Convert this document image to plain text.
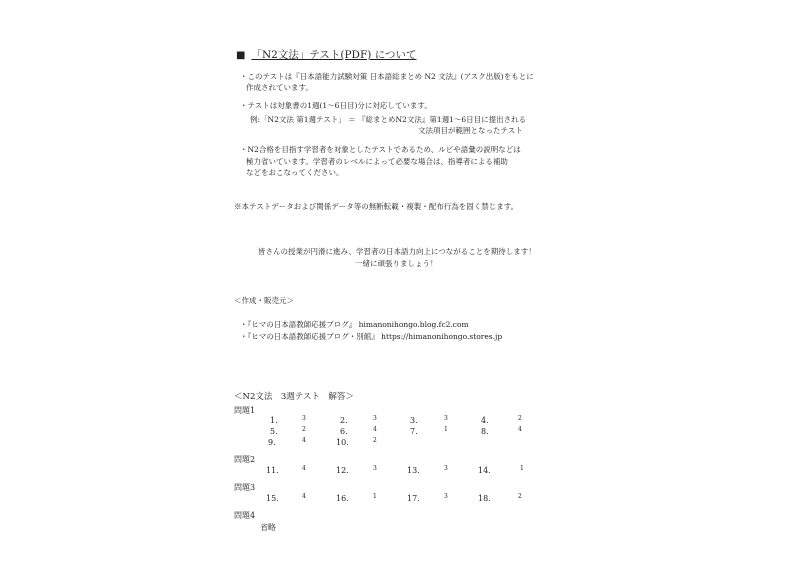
■ 「N2文法」テスト(PDF) について
・このテストは『日本語能力試験対策 日本語総まとめ N2 文法』(アスク出版)をもとに
作成されています。
・テストは対象書の1週(1～6日目)分に対応しています。
例:「N2文法 第1週テスト」 ＝ 『総まとめN2文法』第1週1～6日目に提出される
文法項目が範囲となったテスト
・N2合格を目指す学習者を対象としたテストであるため、ルビや語彙の説明などは
極力省いています。学習者のレベルによって必要な場合は、指導者による補助
などをおこなってください。
※本テストデータおよび関係データ等の無断転載・複製・配布行為を固く禁じます。
皆さんの授業が円滑に進み、学習者の日本語力向上につながることを期待します！
一緒に頑張りましょう！
＜作成・販売元＞
・『ヒマの日本語教師応援ブログ』 himanonihongo.blog.fc2.com
・『ヒマの日本語教師応援ブログ・別館』 https://himanonihongo.stores.jp
＜N2文法　3週テスト　解答＞
問題1
問題2
問題3
問題4
省略
1.	3	2.	3	3.	3	4.	2
5.	2	6.	4	7.	1	8.	4
9.	4	10.	2
11.	4	12.	3	13.	3	14.	1
15.	4	16.	1	17.	3	18.	2
